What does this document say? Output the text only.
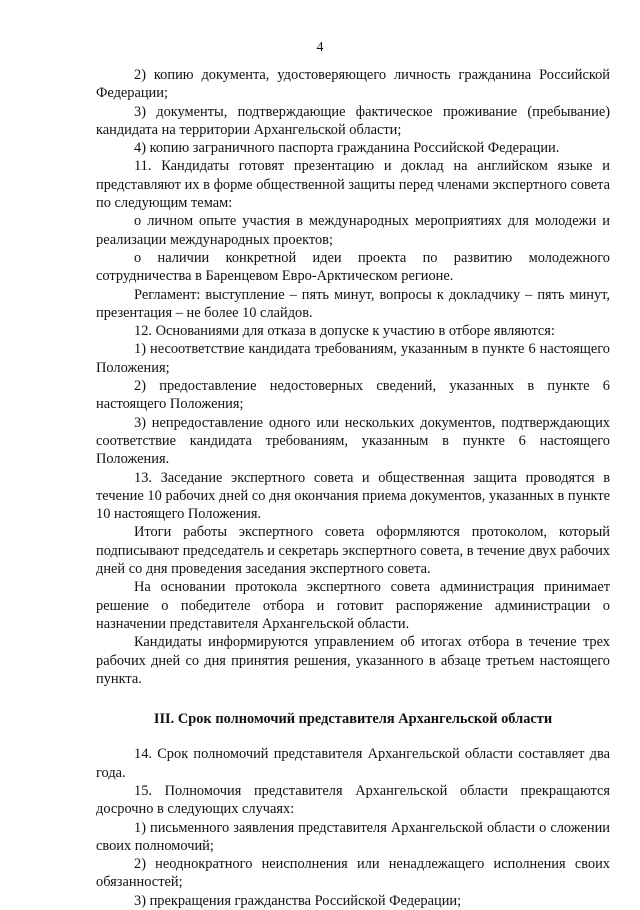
4

2) копию документа, удостоверяющего личность гражданина Российской Федерации;

3) документы, подтверждающие фактическое проживание (пребывание) кандидата на территории Архангельской области;

4) копию заграничного паспорта гражданина Российской Федерации.

11. Кандидаты готовят презентацию и доклад на английском языке и представляют их в форме общественной защиты перед членами экспертного совета по следующим темам:

о личном опыте участия в международных мероприятиях для молодежи и реализации международных проектов;

о наличии конкретной идеи проекта по развитию молодежного сотрудничества в Баренцевом Евро-Арктическом регионе.

Регламент: выступление – пять минут, вопросы к докладчику – пять минут, презентация – не более 10 слайдов.

12. Основаниями для отказа в допуске к участию в отборе являются:

1) несоответствие кандидата требованиям, указанным в пункте 6 настоящего Положения;

2) предоставление недостоверных сведений, указанных в пункте 6 настоящего Положения;

3) непредоставление одного или нескольких документов, подтверждающих соответствие кандидата требованиям, указанным в пункте 6 настоящего Положения.

13. Заседание экспертного совета и общественная защита проводятся в течение 10 рабочих дней со дня окончания приема документов, указанных в пункте 10 настоящего Положения.

Итоги работы экспертного совета оформляются протоколом, который подписывают председатель и секретарь экспертного совета, в течение двух рабочих дней со дня проведения заседания экспертного совета.

На основании протокола экспертного совета администрация принимает решение о победителе отбора и готовит распоряжение администрации о назначении представителя Архангельской области.

Кандидаты информируются управлением об итогах отбора в течение трех рабочих дней со дня принятия решения, указанного в абзаце третьем настоящего пункта.

III. Срок полномочий представителя Архангельской области

14. Срок полномочий представителя Архангельской области составляет два года.

15. Полномочия представителя Архангельской области прекращаются досрочно в следующих случаях:

1) письменного заявления представителя Архангельской области о сложении своих полномочий;

2) неоднократного неисполнения или ненадлежащего исполнения своих обязанностей;

3) прекращения гражданства Российской Федерации;
